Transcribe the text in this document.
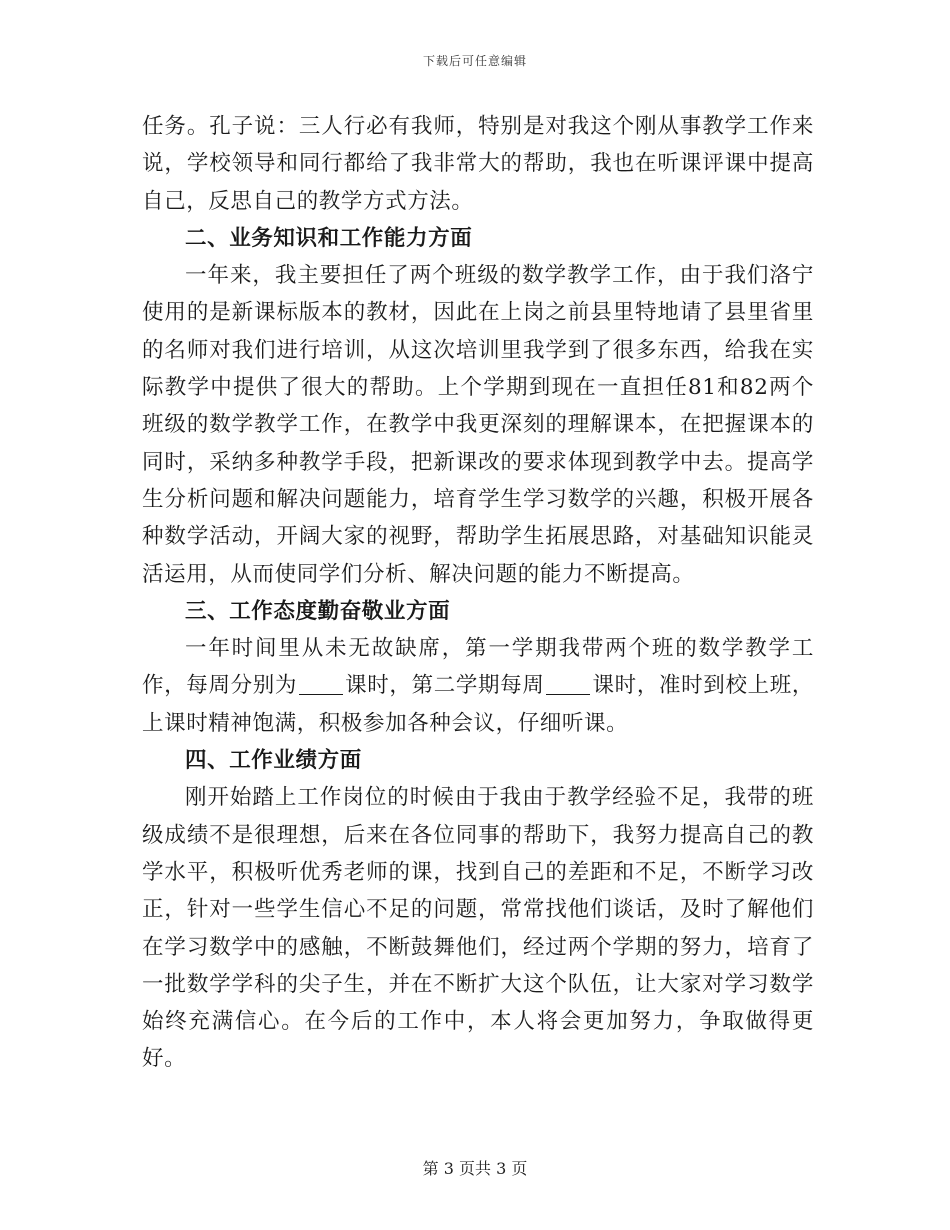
下载后可任意编辑

任务。孔子说：三人行必有我师，特别是对我这个刚从事教学工作来说，学校领导和同行都给了我非常大的帮助，我也在听课评课中提高自己，反思自己的教学方式方法。

二、业务知识和工作能力方面

一年来，我主要担任了两个班级的数学教学工作，由于我们洛宁使用的是新课标版本的教材，因此在上岗之前县里特地请了县里省里的名师对我们进行培训，从这次培训里我学到了很多东西，给我在实际教学中提供了很大的帮助。上个学期到现在一直担任81和82两个班级的数学教学工作，在教学中我更深刻的理解课本，在把握课本的同时，采纳多种教学手段，把新课改的要求体现到教学中去。提高学生分析问题和解决问题能力，培育学生学习数学的兴趣，积极开展各种数学活动，开阔大家的视野，帮助学生拓展思路，对基础知识能灵活运用，从而使同学们分析、解决问题的能力不断提高。

三、工作态度勤奋敬业方面

一年时间里从未无故缺席，第一学期我带两个班的数学教学工作，每周分别为 课时，第二学期每周 课时，准时到校上班，上课时精神饱满，积极参加各种会议，仔细听课。

四、工作业绩方面

刚开始踏上工作岗位的时候由于我由于教学经验不足，我带的班级成绩不是很理想，后来在各位同事的帮助下，我努力提高自己的教学水平，积极听优秀老师的课，找到自己的差距和不足，不断学习改正，针对一些学生信心不足的问题，常常找他们谈话，及时了解他们在学习数学中的感触，不断鼓舞他们，经过两个学期的努力，培育了一批数学学科的尖子生，并在不断扩大这个队伍，让大家对学习数学始终充满信心。在今后的工作中，本人将会更加努力，争取做得更好。

第 3 页共 3 页
